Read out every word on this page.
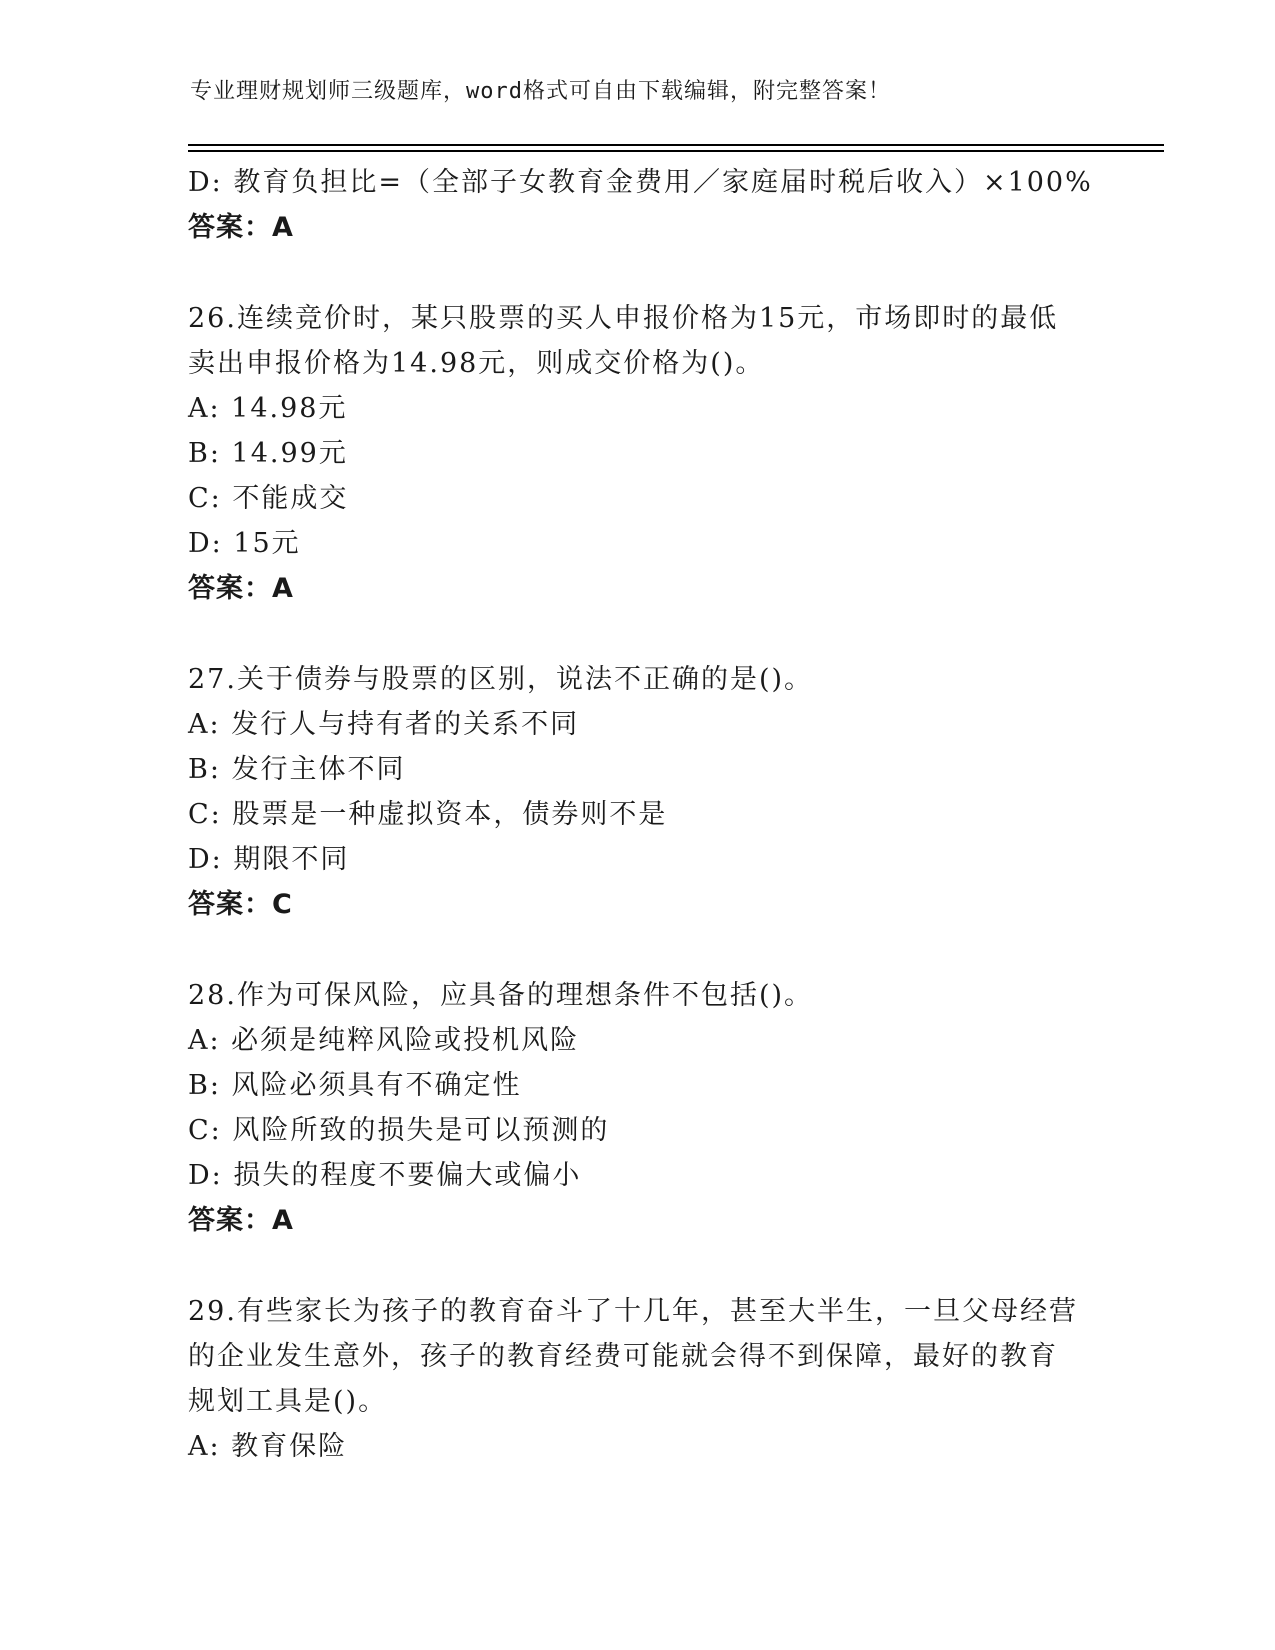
专业理财规划师三级题库，word格式可自由下载编辑，附完整答案！
D: 教育负担比=（全部子女教育金费用／家庭届时税后收入）×100%
答案：A
26.连续竞价时，某只股票的买人申报价格为15元，市场即时的最低
卖出申报价格为14.98元，则成交价格为()。
A: 14.98元
B: 14.99元
C: 不能成交
D: 15元
答案：A
27.关于债券与股票的区别，说法不正确的是()。
A: 发行人与持有者的关系不同
B: 发行主体不同
C: 股票是一种虚拟资本，债券则不是
D: 期限不同
答案：C
28.作为可保风险，应具备的理想条件不包括()。
A: 必须是纯粹风险或投机风险
B: 风险必须具有不确定性
C: 风险所致的损失是可以预测的
D: 损失的程度不要偏大或偏小
答案：A
29.有些家长为孩子的教育奋斗了十几年，甚至大半生，一旦父母经营
的企业发生意外，孩子的教育经费可能就会得不到保障，最好的教育
规划工具是()。
A: 教育保险
